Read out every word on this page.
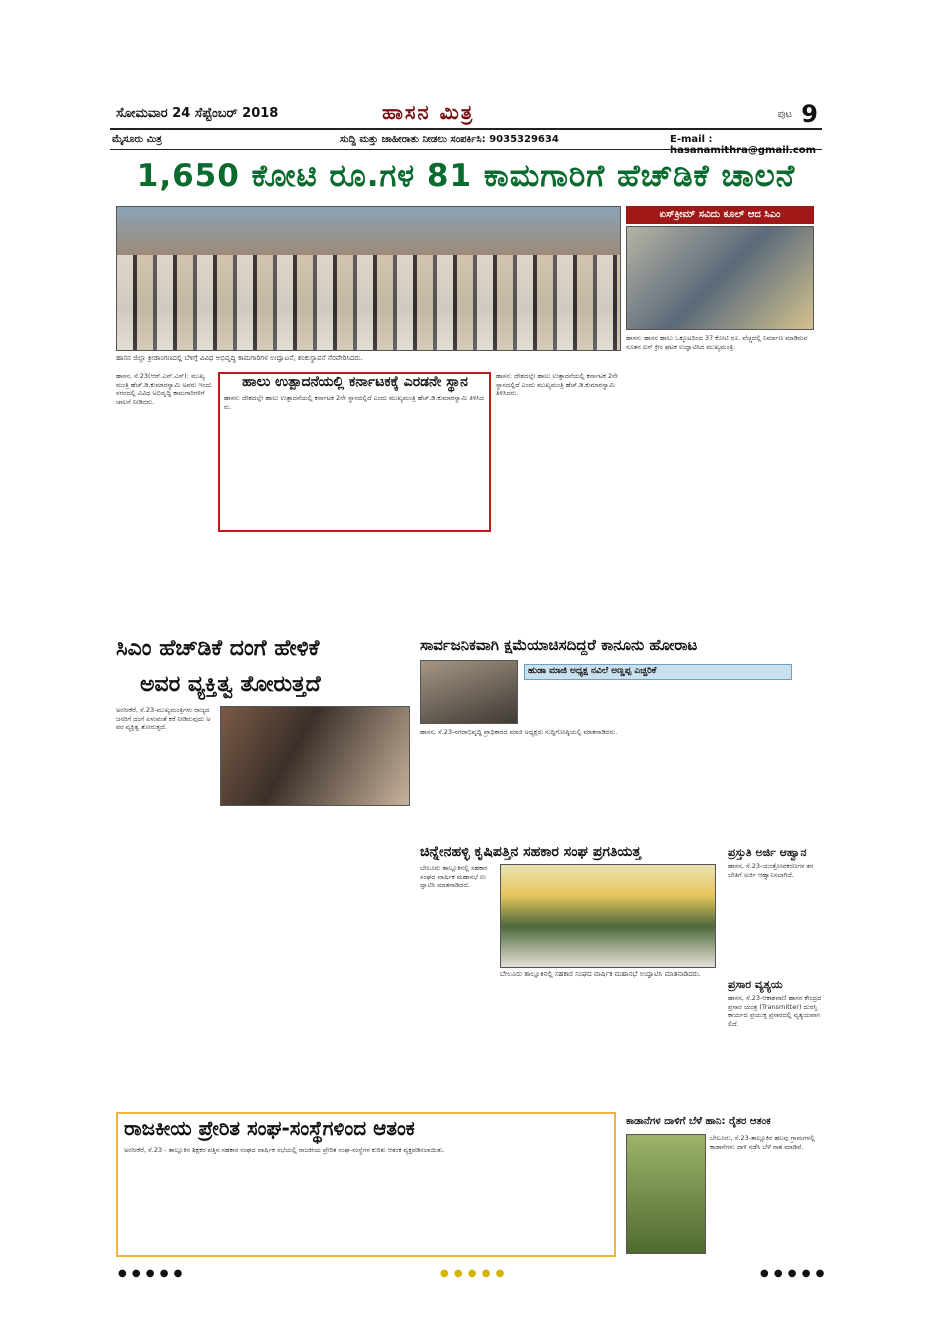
ಸೋಮವಾರ 24 ಸೆಪ್ಟೆಂಬರ್ 2018	ಹಾಸನ ಮಿತ್ರ	ಪುಟ 9
ಮೈಸೂರು ಮಿತ್ರ	ಸುದ್ದಿ ಮತ್ತು ಜಾಹೀರಾತು ನೀಡಲು ಸಂಪರ್ಕಿಸಿ: 9035329634	E-mail : hasanamithra@gmail.com
1,650 ಕೋಟಿ ರೂ.ಗಳ 81 ಕಾಮಗಾರಿಗೆ ಹೆಚ್‌ಡಿಕೆ ಚಾಲನೆ
ಹಾಸನ ಜಿಲ್ಲಾ ಕ್ರೀಡಾಂಗಣದಲ್ಲಿ ಬೆಳಿಗ್ಗೆ ವಿವಿಧ ಅಭಿವೃದ್ಧಿ ಕಾಮಗಾರಿಗಳ ಉದ್ಘಾಟನೆ, ಶಂಕುಸ್ಥಾಪನೆ ನೆರವೇರಿಸಿದರು.
ಏಸ್‌ಕ್ರೀಮ್ ಸವಿದು ಕೂಲ್ ಆದ ಸಿಎಂ
ಹಾಸನ: ಹಾಸನ ಹಾಲು ಒಕ್ಕೂಟದಿಂದ 37 ಕೋಟಿ ರೂ. ವೆಚ್ಚದಲ್ಲಿ ನಿರ್ಮಾಣ ಮಾಡಿರುವ ನೂತನ ಐಸ್ ಕ್ರೀಂ ಘಟಕ ಉದ್ಘಾಟಿಸಿದ ಮುಖ್ಯಮಂತ್ರಿ.
ಹಾಸನ, ಸೆ.23(ಆರ್.ಎನ್.ಎಸ್): ಮುಖ್ಯಮಂತ್ರಿ ಹೆಚ್.ಡಿ.ಕುಮಾರಸ್ವಾಮಿ ಅವರು ಇಂದು ನಗರದಲ್ಲಿ ವಿವಿಧ ಅಭಿವೃದ್ಧಿ ಕಾಮಗಾರಿಗಳಿಗೆ ಚಾಲನೆ ನೀಡಿದರು.
ಹಾಲು ಉತ್ಪಾದನೆಯಲ್ಲಿ ಕರ್ನಾಟಕಕ್ಕೆ ಎರಡನೇ ಸ್ಥಾನ
ಹಾಸನ: ದೇಶದಲ್ಲೇ ಹಾಲು ಉತ್ಪಾದನೆಯಲ್ಲಿ ಕರ್ನಾಟಕ 2ನೇ ಸ್ಥಾನದಲ್ಲಿದೆ ಎಂದು ಮುಖ್ಯಮಂತ್ರಿ ಹೆಚ್.ಡಿ.ಕುಮಾರಸ್ವಾಮಿ ತಿಳಿಸಿದರು.
ಹಾಸನ: ದೇಶದಲ್ಲೇ ಹಾಲು ಉತ್ಪಾದನೆಯಲ್ಲಿ ಕರ್ನಾಟಕ 2ನೇ ಸ್ಥಾನದಲ್ಲಿದೆ ಎಂದು ಮುಖ್ಯಮಂತ್ರಿ ಹೆಚ್.ಡಿ.ಕುಮಾರಸ್ವಾಮಿ ತಿಳಿಸಿದರು.
ಸಿಎಂ ಹೆಚ್‌ಡಿಕೆ ದಂಗೆ ಹೇಳಿಕೆ
ಅವರ ವ್ಯಕ್ತಿತ್ವ ತೋರುತ್ತದೆ
ಅರಸೀಕೆರೆ, ಸೆ.23-ಮುಖ್ಯಮಂತ್ರಿಗಳು ರಾಜ್ಯದ ಜನರಿಗೆ ದಂಗೆ ಏಳುವಂತೆ ಕರೆ ನೀಡಿರುವುದು ಅವರ ವ್ಯಕ್ತಿತ್ವ ತೋರುತ್ತದೆ.
ಸಾರ್ವಜನಿಕವಾಗಿ ಕ್ಷಮೆಯಾಚಿಸದಿದ್ದರೆ ಕಾನೂನು ಹೋರಾಟ
ಹುಡಾ ಮಾಜಿ ಅಧ್ಯಕ್ಷ ನವಿಲೆ ಅಣ್ಣಪ್ಪ ಎಚ್ಚರಿಕೆ
ಹಾಸನ, ಸೆ.23-ನಗರಾಭಿವೃದ್ಧಿ ಪ್ರಾಧಿಕಾರದ ಮಾಜಿ ಅಧ್ಯಕ್ಷರು ಸುದ್ದಿಗೋಷ್ಠಿಯಲ್ಲಿ ಮಾತನಾಡಿದರು.
ಚಿನ್ನೇನಹಳ್ಳಿ ಕೃಷಿಪತ್ತಿನ ಸಹಕಾರ ಸಂಘ ಪ್ರಗತಿಯತ್ತ
ಬೇಲೂರು ತಾಲ್ಲೂಕಿನಲ್ಲಿ ಸಹಕಾರ ಸಂಘದ ವಾರ್ಷಿಕ ಮಹಾಸಭೆ ಉದ್ಘಾಟಿಸಿ ಮಾತನಾಡಿದರು.
ಬೇಲೂರು ತಾಲ್ಲೂಕಿನಲ್ಲಿ ಸಹಕಾರ ಸಂಘದ ವಾರ್ಷಿಕ ಮಹಾಸಭೆ ಉದ್ಘಾಟಿಸಿ ಮಾತನಾಡಿದರು.
ಪ್ರಸ್ತುತಿ ಅರ್ಜಿ ಆಹ್ವಾನ
ಹಾಸನ, ಸೆ.23-ಯಂತ್ರೋಪಕರಣಗಳ ತರಬೇತಿಗೆ ಅರ್ಜಿ ಆಹ್ವಾನಿಸಲಾಗಿದೆ.
ಪ್ರಸಾರ ವ್ಯತ್ಯಯ
ಹಾಸನ, ಸೆ.23-ಆಕಾಶವಾಣಿ ಹಾಸನ ಕೇಂದ್ರದ ಪ್ರಸಾರ ಯಂತ್ರ (Transmitter) ದುರಸ್ತಿ ಕಾರ್ಯದ ಪ್ರಯುಕ್ತ ಪ್ರಸಾರದಲ್ಲಿ ವ್ಯತ್ಯಯವಾಗಲಿದೆ.
ರಾಜಕೀಯ ಪ್ರೇರಿತ ಸಂಘ-ಸಂಸ್ಥೆಗಳಿಂದ ಆತಂಕ
ಅರಸೀಕೆರೆ, ಸೆ.23 - ತಾಲ್ಲೂಕಿನ ಶಿಕ್ಷಕರ ಪತ್ತಿನ ಸಹಕಾರ ಸಂಘದ ವಾರ್ಷಿಕ ಸಭೆಯಲ್ಲಿ ರಾಜಕೀಯ ಪ್ರೇರಿತ ಸಂಘ-ಸಂಸ್ಥೆಗಳ ಕುರಿತು ಆತಂಕ ವ್ಯಕ್ತಪಡಿಸಲಾಯಿತು.
ಕಾಡಾನೆಗಳ ದಾಳಿಗೆ ಬೆಳೆ ಹಾನಿ: ರೈತರ ಆತಂಕ
ಬೇಲೂರು, ಸೆ.23-ತಾಲ್ಲೂಕಿನ ಹಲವು ಗ್ರಾಮಗಳಲ್ಲಿ ಕಾಡಾನೆಗಳು ದಾಳಿ ನಡೆಸಿ ಬೆಳೆ ನಾಶ ಮಾಡಿವೆ.
● ● ● ● ●	● ● ● ● ●	● ● ● ● ●
